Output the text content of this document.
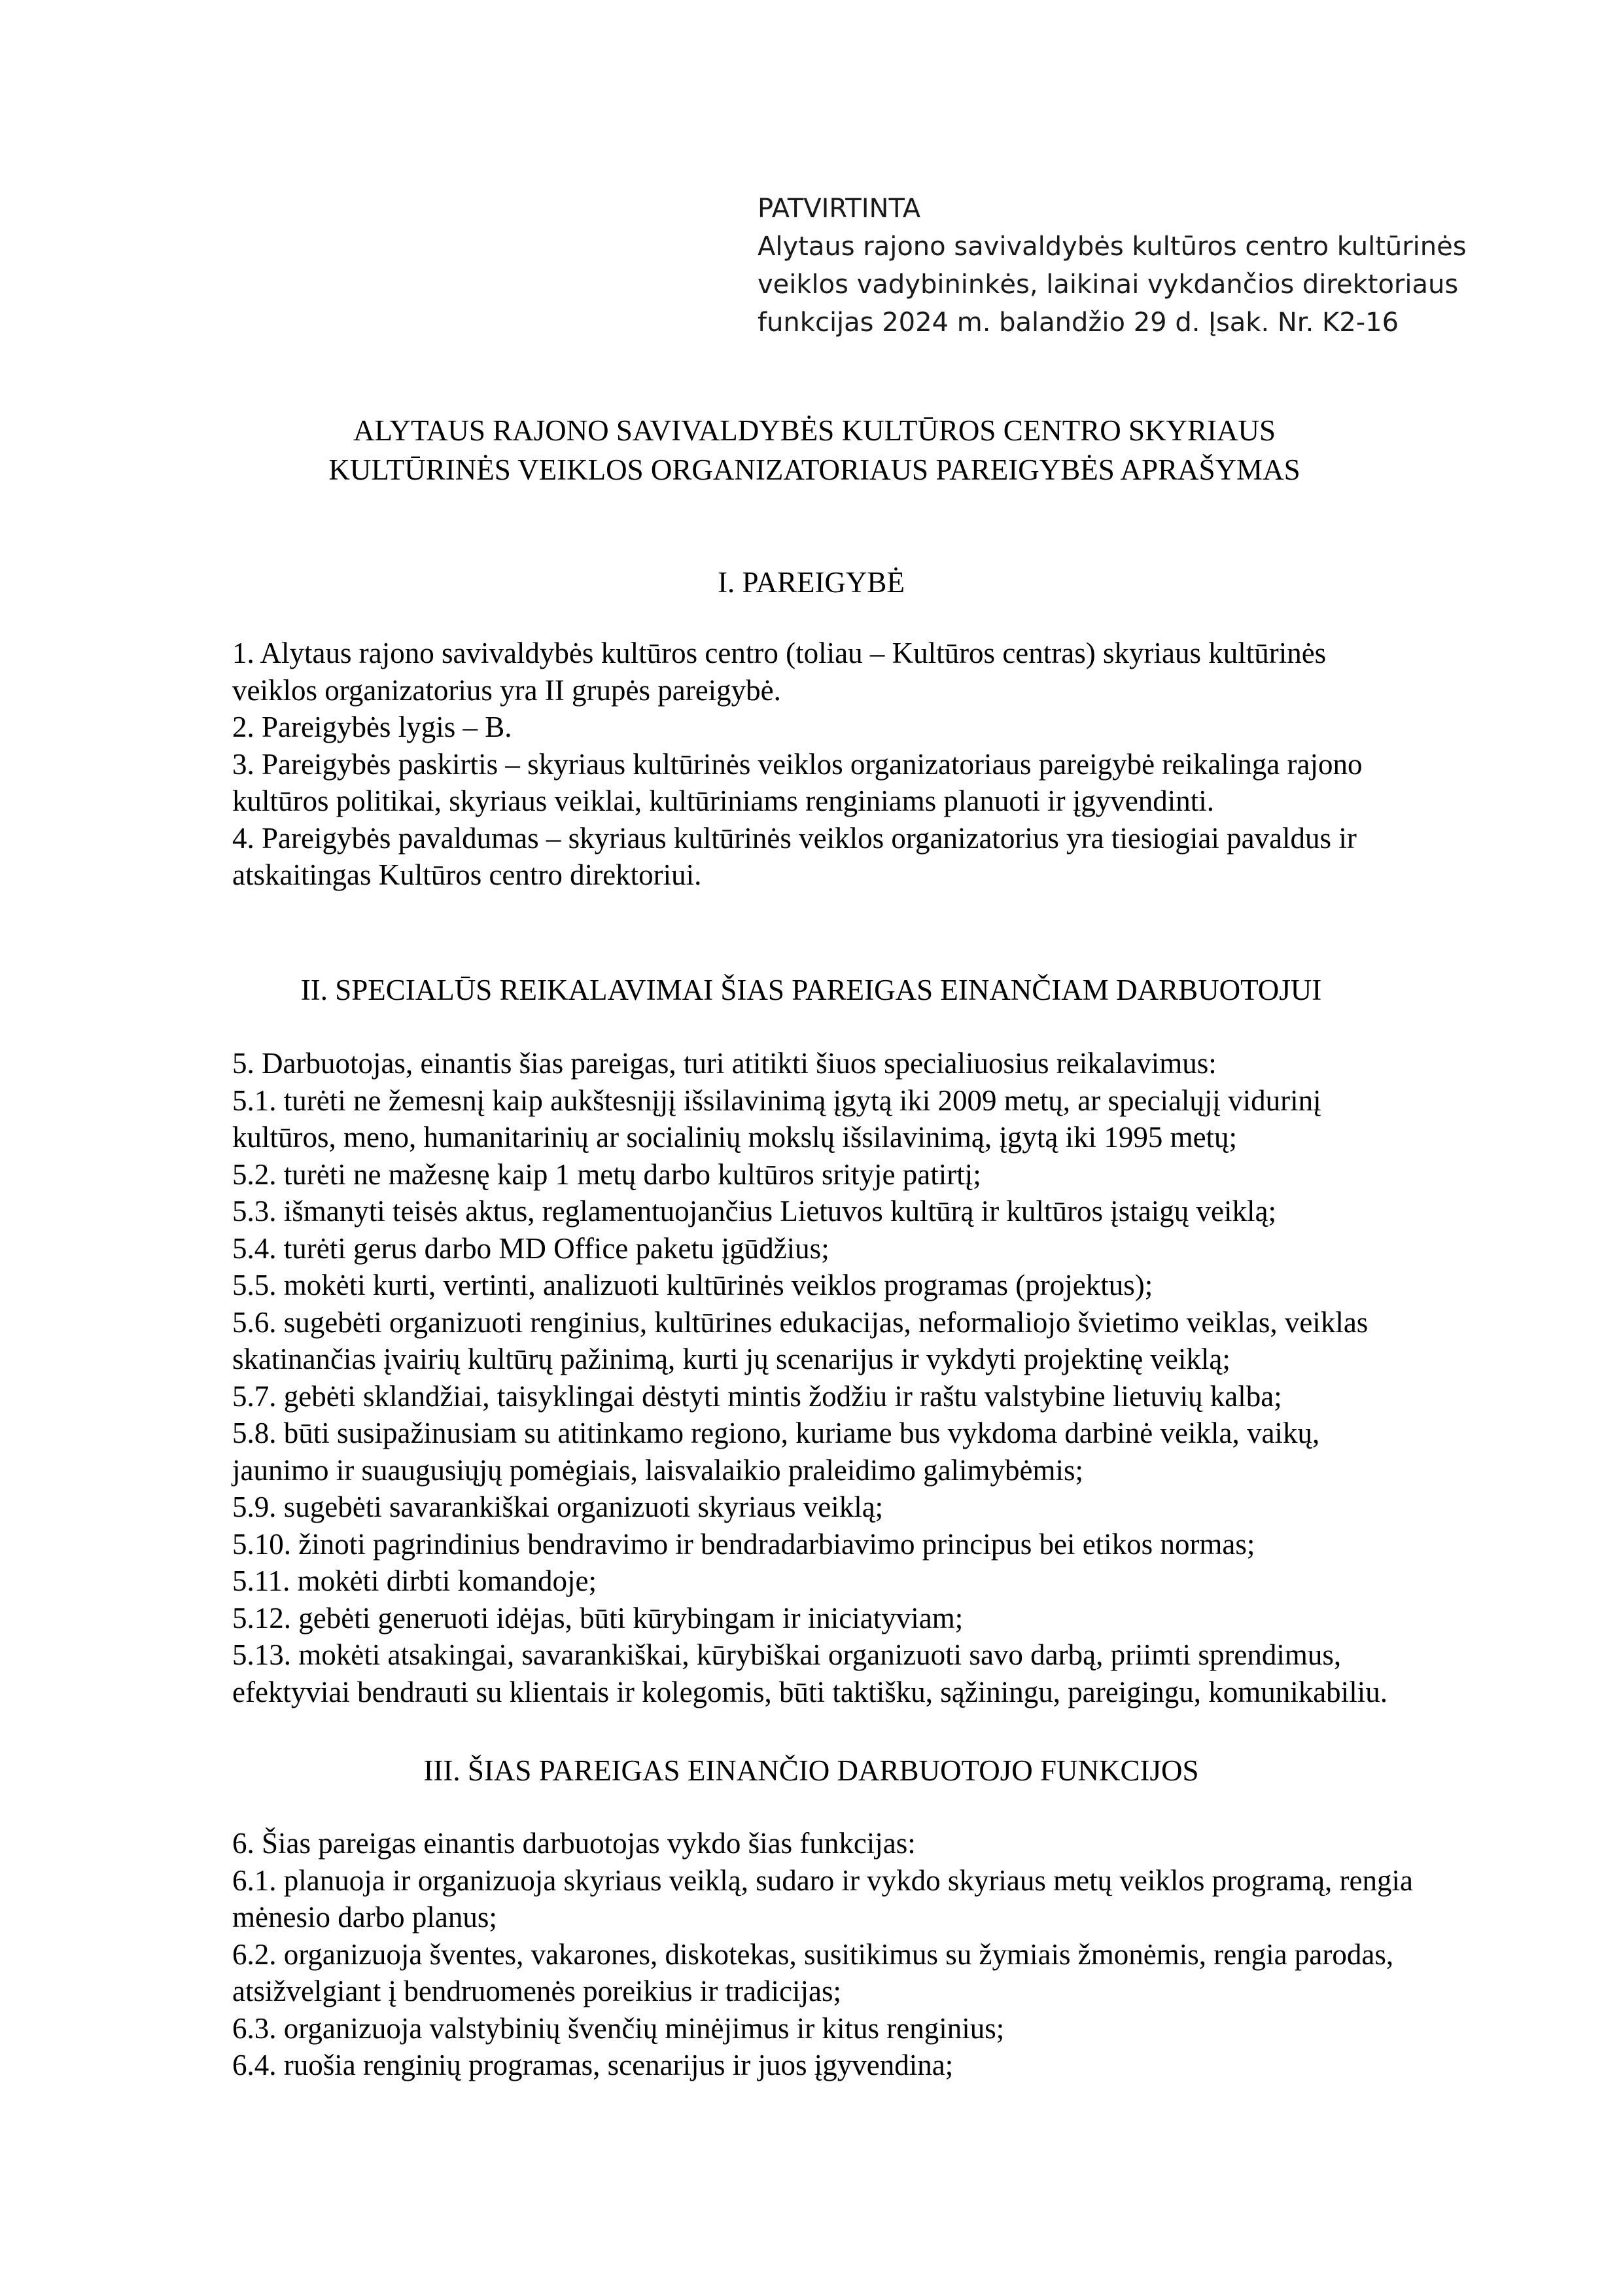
PATVIRTINTA
Alytaus rajono savivaldybės kultūros centro kultūrinės
veiklos vadybininkės, laikinai vykdančios direktoriaus
funkcijas 2024 m. balandžio 29 d. Įsak. Nr. K2-16
ALYTAUS RAJONO SAVIVALDYBĖS KULTŪROS CENTRO SKYRIAUS
KULTŪRINĖS VEIKLOS ORGANIZATORIAUS PAREIGYBĖS APRAŠYMAS
I. PAREIGYBĖ

1. Alytaus rajono savivaldybės kultūros centro (toliau – Kultūros centras) skyriaus kultūrinės

veiklos organizatorius yra II grupės pareigybė.

2. Pareigybės lygis – B.

3. Pareigybės paskirtis – skyriaus kultūrinės veiklos organizatoriaus pareigybė reikalinga rajono

kultūros politikai, skyriaus veiklai, kultūriniams renginiams planuoti ir įgyvendinti.

4. Pareigybės pavaldumas – skyriaus kultūrinės veiklos organizatorius yra tiesiogiai pavaldus ir

atskaitingas Kultūros centro direktoriui.

II. SPECIALŪS REIKALAVIMAI ŠIAS PAREIGAS EINANČIAM DARBUOTOJUI

5. Darbuotojas, einantis šias pareigas, turi atitikti šiuos specialiuosius reikalavimus:

5.1. turėti ne žemesnį kaip aukštesnįjį išsilavinimą įgytą iki 2009 metų, ar specialųjį vidurinį

kultūros, meno, humanitarinių ar socialinių mokslų išsilavinimą, įgytą iki 1995 metų;

5.2. turėti ne mažesnę kaip 1 metų darbo kultūros srityje patirtį;

5.3. išmanyti teisės aktus, reglamentuojančius Lietuvos kultūrą ir kultūros įstaigų veiklą;

5.4. turėti gerus darbo MD Office paketu įgūdžius;

5.5. mokėti kurti, vertinti, analizuoti kultūrinės veiklos programas (projektus);

5.6. sugebėti organizuoti renginius, kultūrines edukacijas, neformaliojo švietimo veiklas, veiklas

skatinančias įvairių kultūrų pažinimą, kurti jų scenarijus ir vykdyti projektinę veiklą;

5.7. gebėti sklandžiai, taisyklingai dėstyti mintis žodžiu ir raštu valstybine lietuvių kalba;

5.8. būti susipažinusiam su atitinkamo regiono, kuriame bus vykdoma darbinė veikla, vaikų,

jaunimo ir suaugusiųjų pomėgiais, laisvalaikio praleidimo galimybėmis;

5.9. sugebėti savarankiškai organizuoti skyriaus veiklą;

5.10. žinoti pagrindinius bendravimo ir bendradarbiavimo principus bei etikos normas;

5.11. mokėti dirbti komandoje;

5.12. gebėti generuoti idėjas, būti kūrybingam ir iniciatyviam;

5.13. mokėti atsakingai, savarankiškai, kūrybiškai organizuoti savo darbą, priimti sprendimus,

efektyviai bendrauti su klientais ir kolegomis, būti taktišku, sąžiningu, pareigingu, komunikabiliu.

III. ŠIAS PAREIGAS EINANČIO DARBUOTOJO FUNKCIJOS

6. Šias pareigas einantis darbuotojas vykdo šias funkcijas:

6.1. planuoja ir organizuoja skyriaus veiklą, sudaro ir vykdo skyriaus metų veiklos programą, rengia

mėnesio darbo planus;

6.2. organizuoja šventes, vakarones, diskotekas, susitikimus su žymiais žmonėmis, rengia parodas,

atsižvelgiant į bendruomenės poreikius ir tradicijas;

6.3. organizuoja valstybinių švenčių minėjimus ir kitus renginius;

6.4. ruošia renginių programas, scenarijus ir juos įgyvendina;
